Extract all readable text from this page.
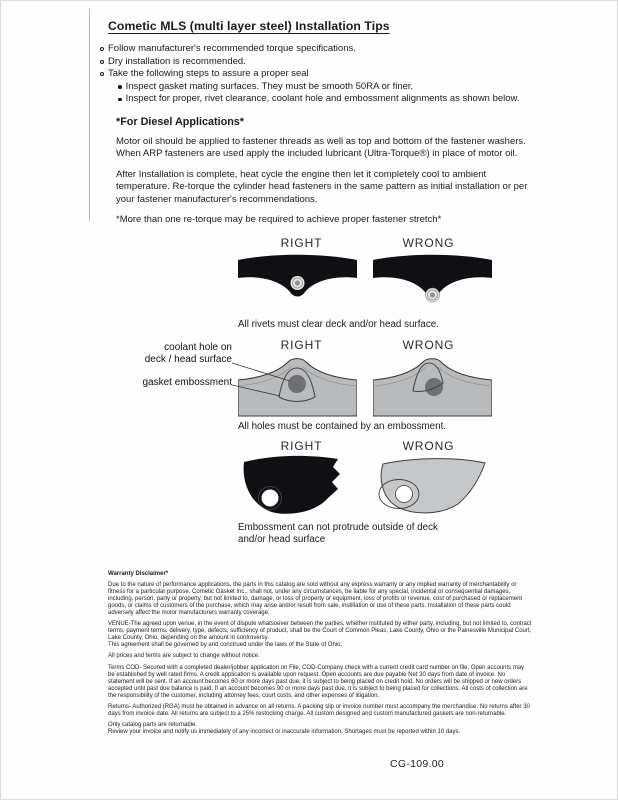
Cometic MLS (multi layer steel) Installation Tips
Follow manufacturer's recommended torque specifications.
Dry installation is recommended.
Take the following steps to assure a proper seal
Inspect gasket mating surfaces. They must be smooth 50RA or finer.
Inspect for proper, rivet clearance, coolant hole and embossment alignments as shown below.
*For Diesel Applications*
Motor oil should be applied to fastener threads as well as top and bottom of the fastener washers. When ARP fasteners are used apply the included lubricant (Ultra-Torque®) in place of motor oil.
After Installation is complete, heat cycle the engine then let it completely cool to ambient temperature. Re-torque the cylinder head fasteners in the same pattern as initial installation or per your fastener manufacturer's recommendations.
*More than one re-torque may be required to achieve proper fastener stretch*
RIGHT	WRONG
All rivets must clear deck and/or head surface.
RIGHT	WRONG
All holes must be contained by an embossment.
RIGHT	WRONG
Embossment can not protrude outside of deck
and/or head surface
coolant hole on
deck / head surface
gasket embossment
Warranty Disclaimer*
Due to the nature of performance applications, the parts in this catalog are sold without any express warranty or any implied warranty of merchantability or fitness for a particular purpose. Cometic Gasket Inc., shall not, under any circumstances, be liable for any special, incidental or consequential damages, including, person, party or property, but not limited to, damage, or loss of property or equipment, loss of profits or revenue, cost of purchased or replacement goods, or claims of customers of the purchase, which may arise and/or result from sale, instillation or use of these parts. Installation of these parts could adversely affect the motor manufacturers warranty coverage.
VENUE-The agreed upon venue, in the event of dispute whatsoever between the parties, whether instituted by either party, including, but not limited to, contract terms, payment terms, delivery, type, defects, sufficiency of product, shall be the Court of Common Pleas, Lake County, Ohio or the Painesville Municipal Court, Lake County, Ohio, depending on the amount in controversy.
This agreement shall be governed by and construed under the laws of the State of Ohio.
All prices and terms are subject to change without notice.
Terms COD- Secured with a completed dealer/jobber application on File, COD-Company check with a current credit card number on file. Open accounts may be established by well rated firms. A credit application is available upon request. Open accounts are due payable Net 30 days from date of invoice. No statement will be sent. If an account becomes 60 or more days past due, it is subject to being placed on credit hold. No orders will be shipped or new orders accepted until past due balance is paid. If an account becomes 90 or more days past due, it is subject to being placed for collections. All costs of collection are the responsibility of the customer, including attorney fees, court costs, and other expenses of litigation.
Returns- Authorized (RGA) must be obtained in advance on all returns. A packing slip or invoice number must accompany the merchandise. No returns after 30 days from invoice date. All returns are subject to a 25% restocking charge. All custom designed and custom manufactured gaskets are non-returnable.
Only catalog parts are returnable.
Review your invoice and notify us immediately of any incorrect or inaccurate information. Shortages must be reported within 10 days.
CG-109.00
